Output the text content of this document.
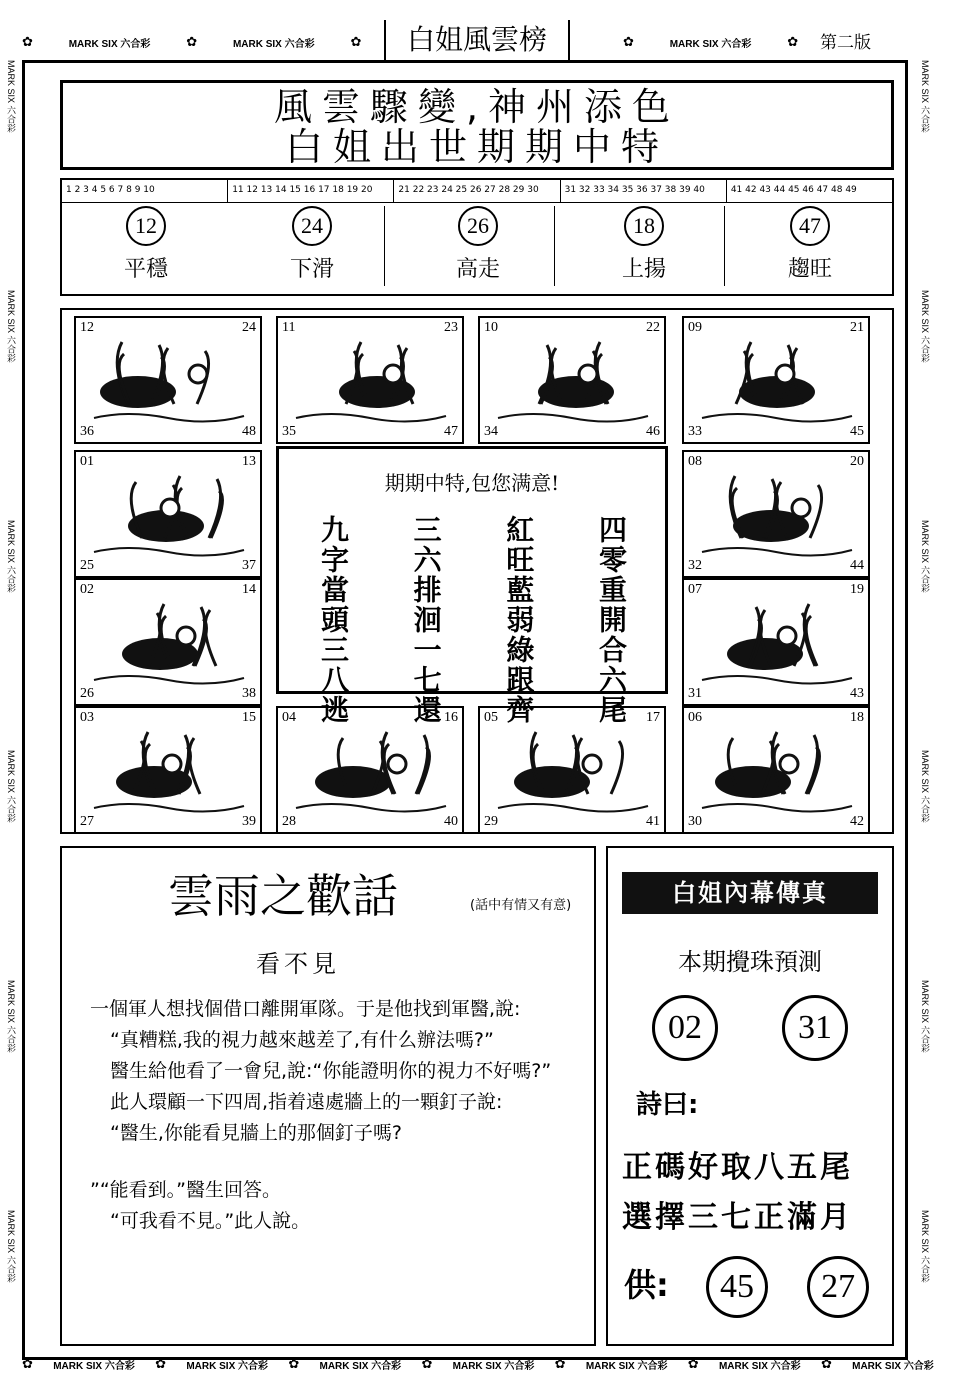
✿	MARK SIX 六合彩	✿	MARK SIX 六合彩	✿	✿	MARK SIX 六合彩	✿
✿ MARK SIX 六合彩 ✿ MARK SIX 六合彩 ✿ MARK SIX 六合彩 ✿ MARK SIX 六合彩 ✿ MARK SIX 六合彩 ✿ MARK SIX 六合彩 ✿ MARK SIX 六合彩
MARK SIX 六合彩
MARK SIX 六合彩
MARK SIX 六合彩
MARK SIX 六合彩
MARK SIX 六合彩
MARK SIX 六合彩
MARK SIX 六合彩
MARK SIX 六合彩
MARK SIX 六合彩
MARK SIX 六合彩
MARK SIX 六合彩
MARK SIX 六合彩
白姐風雲榜	第二版
風雲驟變,神州添色
白姐出世期期中特
1 2 3 4 5 6 7 8 9 10	11 12 13 14 15 16 17 18 19 20	21 22 23 24 25 26 27 28 29 30	31 32 33 34 35 36 37 38 39 40	41 42 43 44 45 46 47 48 49
12
平穩
24
下滑
26
高走
18
上揚
47
趨旺
12	24
36	48
11	23
35	47
10	22
34	46
09	21
33	45
01	13
25	37
08	20
32	44
02	14
26	38
07	19
31	43
03	15
27	39
04	16
28	40
05	17
29	41
06	18
30	42
期期中特,包您满意!
四零重開合六尾
紅旺藍弱綠跟齊
三六排洄一七還
九字當頭三八逃
雲雨之歡話	(話中有情又有意)
看不見

一個軍人想找個借口離開軍隊。于是他找到軍醫,說:

“真糟糕,我的視力越來越差了,有什么辦法嗎?”

醫生給他看了一會兒,說:“你能證明你的視力不好嗎?”

此人環顧一下四周,指着遠處牆上的一顆釘子說:

“醫生,你能看見牆上的那個釘子嗎?

”“能看到。”醫生回答。

“可我看不見。”此人說。

白姐內幕傳真
本期攪珠預測
02	31
詩曰:
正碼好取八五尾
選擇三七正滿月
供: 45 27
